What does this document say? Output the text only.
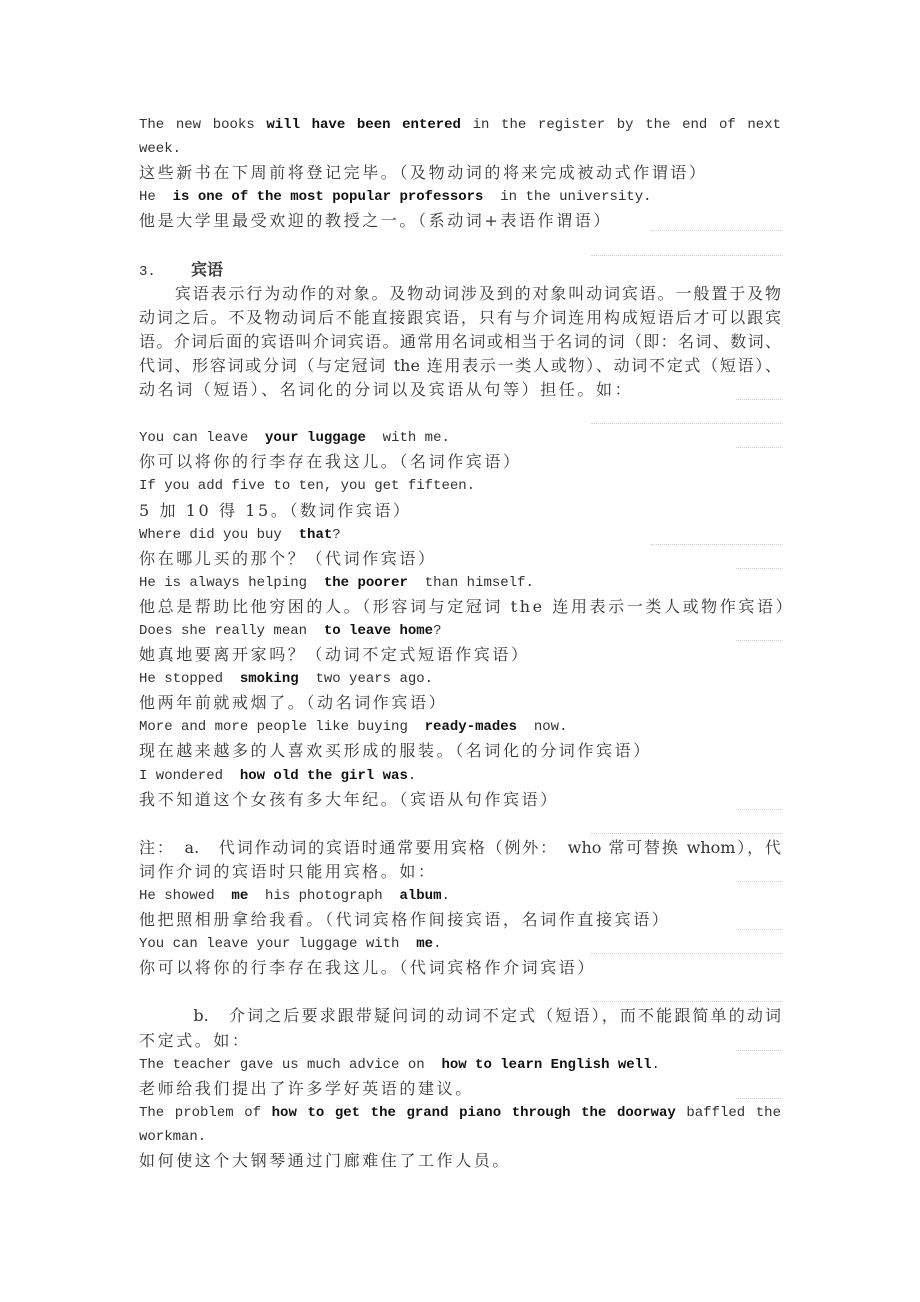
The new books will have been entered in the register by the end of next
week.
这些新书在下周前将登记完毕。（及物动词的将来完成被动式作谓语）
He  is one of the most popular professors  in the university.
他是大学里最受欢迎的教授之一。（系动词+表语作谓语）
3. 宾语
　　宾语表示行为动作的对象。及物动词涉及到的对象叫动词宾语。一般置于及物
动词之后。不及物动词后不能直接跟宾语，只有与介词连用构成短语后才可以跟宾
语。介词后面的宾语叫介词宾语。通常用名词或相当于名词的词（即：名词、数词、
代词、形容词或分词（与定冠词 the 连用表示一类人或物）、动词不定式（短语）、
动名词（短语）、名词化的分词以及宾语从句等）担任。如：
You can leave  your luggage  with me.
你可以将你的行李存在我这儿。（名词作宾语）
If you add five to ten, you get fifteen.
5 加 10 得 15。（数词作宾语）
Where did you buy  that?
你在哪儿买的那个？（代词作宾语）
He is always helping  the poorer  than himself.
他总是帮助比他穷困的人。（形容词与定冠词 the 连用表示一类人或物作宾语）
Does she really mean  to leave home?
她真地要离开家吗？（动词不定式短语作宾语）
He stopped  smoking  two years ago.
他两年前就戒烟了。（动名词作宾语）
More and more people like buying  ready-mades  now.
现在越来越多的人喜欢买形成的服装。（名词化的分词作宾语）
I wondered  how old the girl was.
我不知道这个女孩有多大年纪。（宾语从句作宾语）
注：　a.　代词作动词的宾语时通常要用宾格（例外：　who 常可替换 whom），代
词作介词的宾语时只能用宾格。如：
He showed  me  his photograph  album.
他把照相册拿给我看。（代词宾格作间接宾语，名词作直接宾语）
You can leave your luggage with  me.
你可以将你的行李存在我这儿。（代词宾格作介词宾语）
　　　b.　介词之后要求跟带疑问词的动词不定式（短语），而不能跟简单的动词
不定式。如：
The teacher gave us much advice on  how to learn English well.
老师给我们提出了许多学好英语的建议。
The problem of how to get the grand piano through the doorway baffled the
workman.
如何使这个大钢琴通过门廊难住了工作人员。
